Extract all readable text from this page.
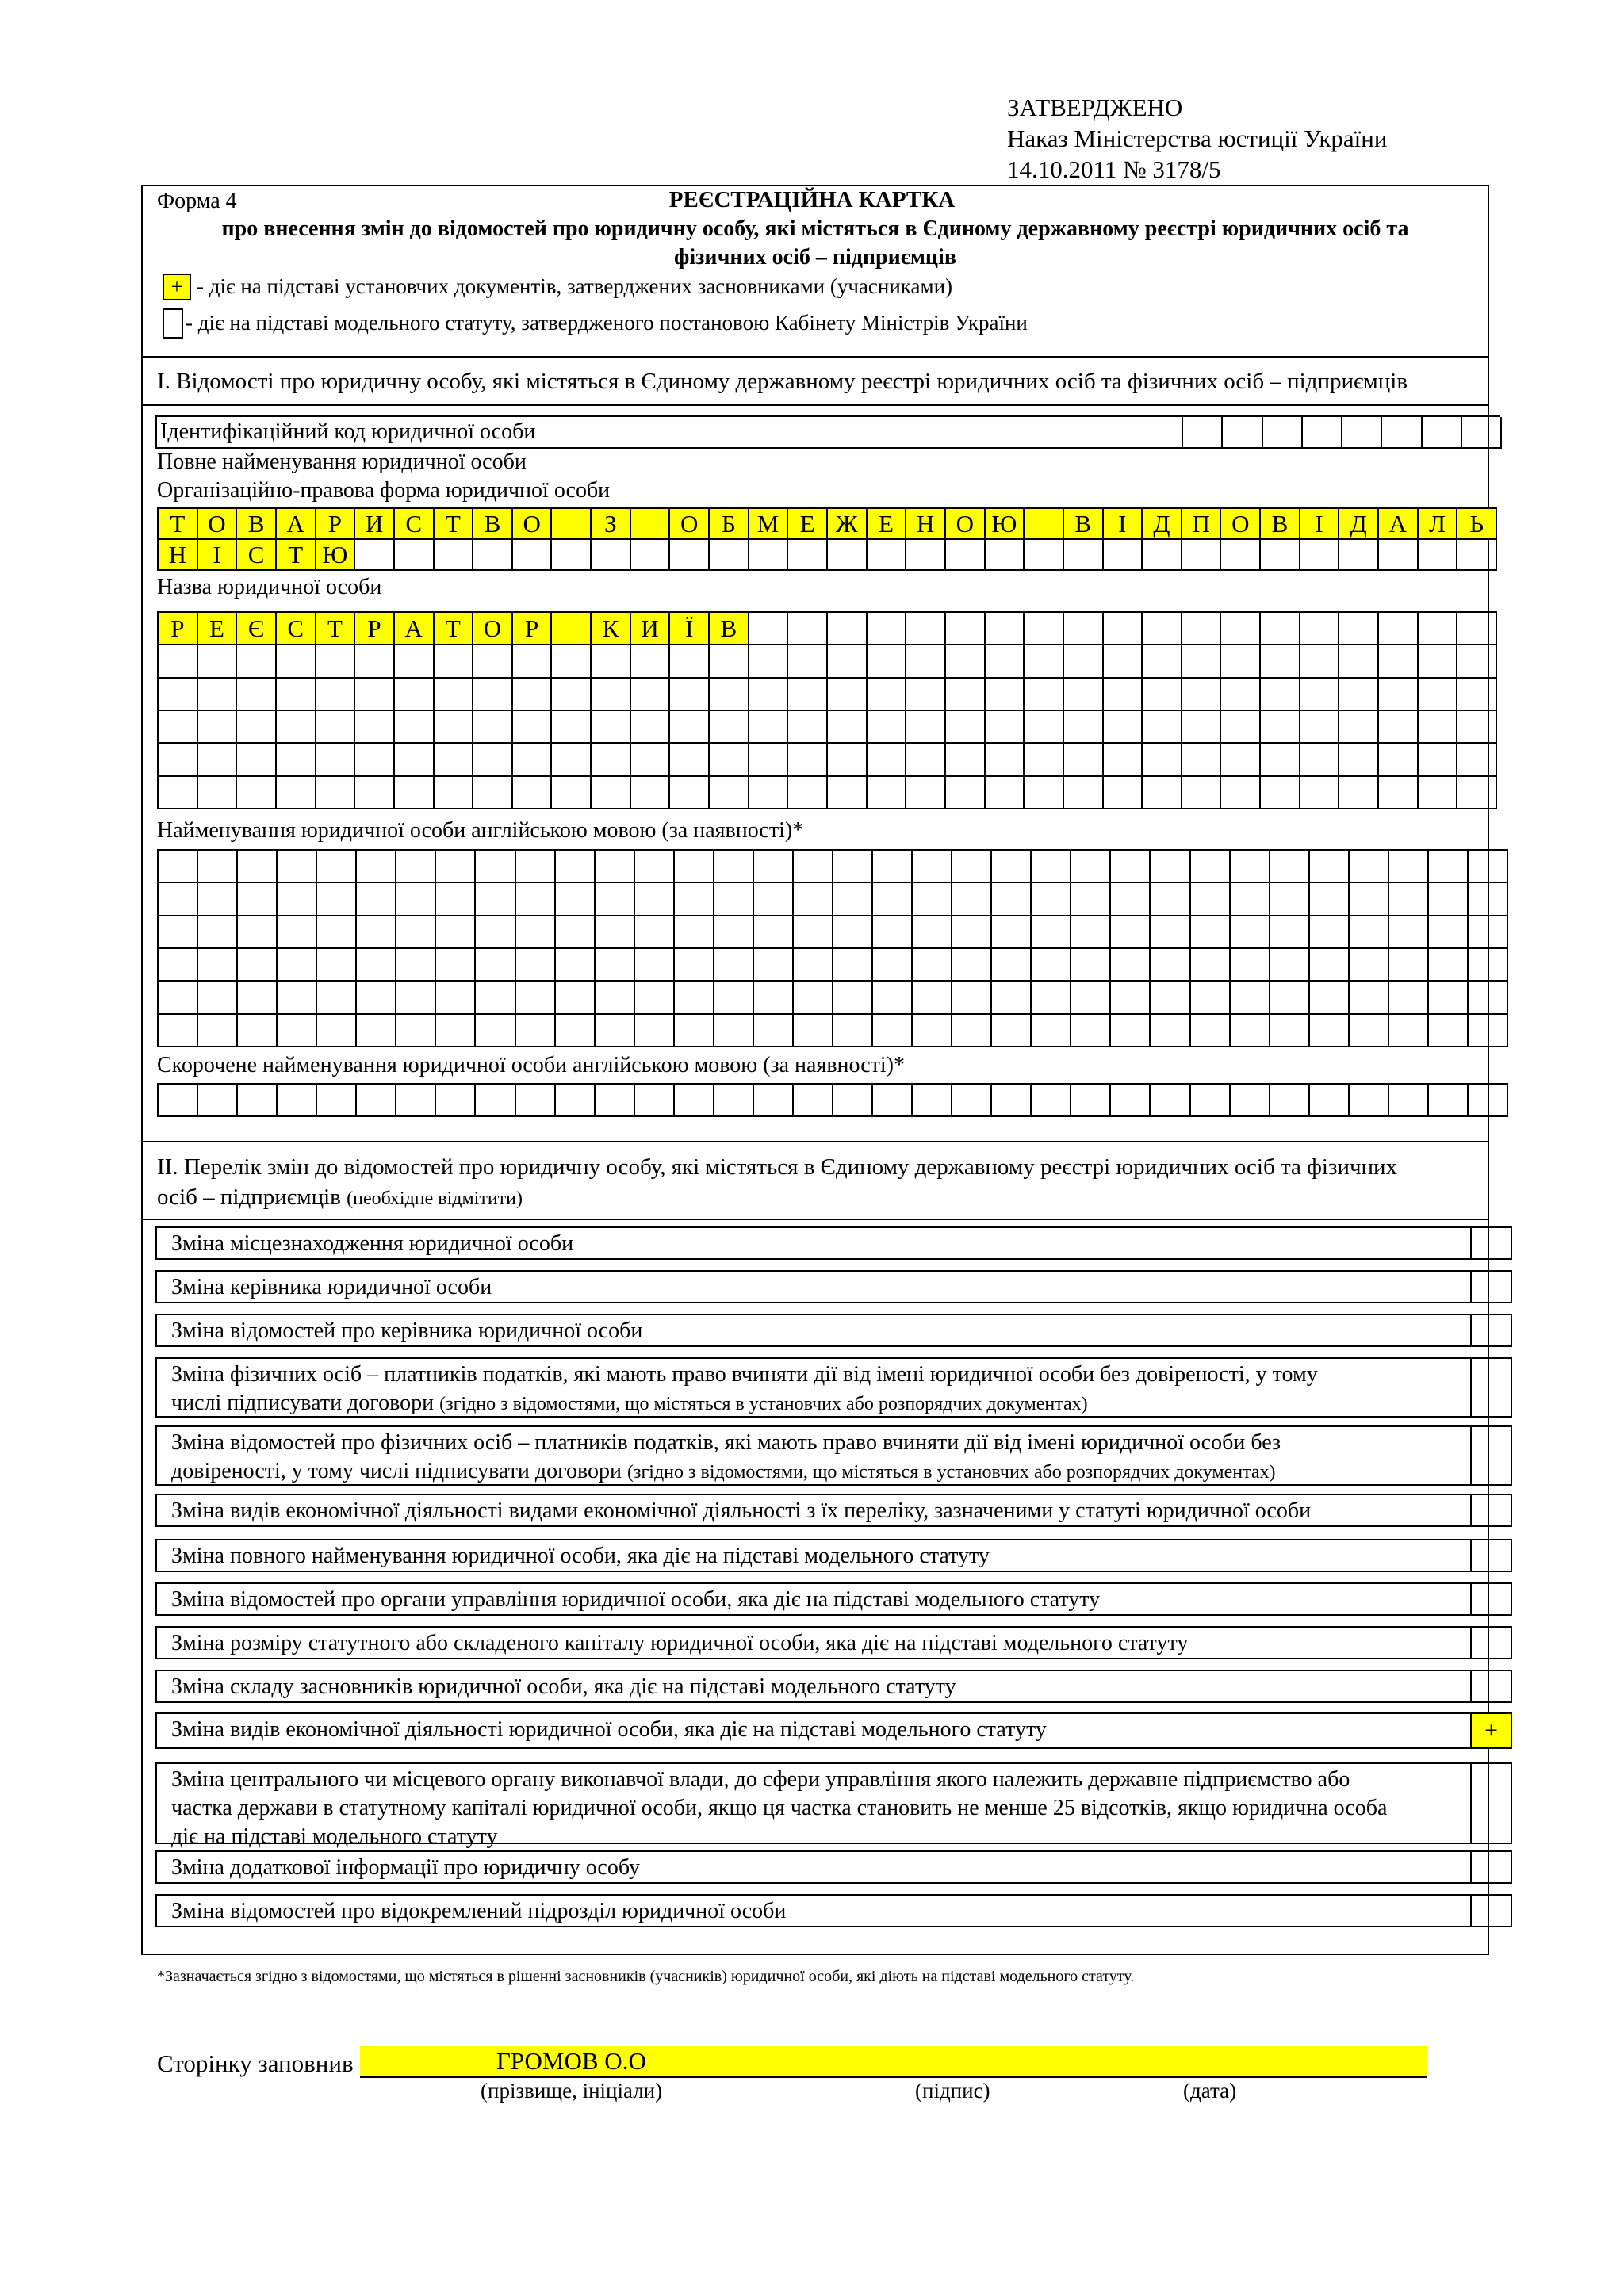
ЗАТВЕРДЖЕНО
Наказ Міністерства юстиції України
14.10.2011 № 3178/5
Форма 4	РЕЄСТРАЦІЙНА КАРТКА
про внесення змін до відомостей про юридичну особу, які містяться в Єдиному державному реєстрі юридичних осіб та
фізичних осіб – підприємців
+ - діє на підставі установчих документів, затверджених засновниками (учасниками)
- діє на підставі модельного статуту, затвердженого постановою Кабінету Міністрів України
І. Відомості про юридичну особу, які містяться в Єдиному державному реєстрі юридичних осіб та фізичних осіб – підприємців
Ідентифікаційний код юридичної особи
Повне найменування юридичної особи
Організаційно-правова форма юридичної особи
Т О В А Р И С Т В О	З	О Б М Е Ж Е Н О Ю	В	І	Д П О В	І	Д А Л Ь
Н	І	С Т Ю
Назва юридичної особи
Р	Е Є С Т	Р А Т О Р	К И	Ї	В
Найменування юридичної особи англійською мовою (за наявності)*
Скорочене найменування юридичної особи англійською мовою (за наявності)*
ІІ. Перелік змін до відомостей про юридичну особу, які містяться в Єдиному державному реєстрі юридичних осіб та фізичних
осіб – підприємців (необхідне відмітити)
Зміна місцезнаходження юридичної особи
Зміна керівника юридичної особи
Зміна відомостей про керівника юридичної особи
Зміна фізичних осіб – платників податків, які мають право вчиняти дії від імені юридичної особи без довіреності, у тому
числі підписувати договори (згідно з відомостями, що містяться в установчих або розпорядчих документах)
Зміна відомостей про фізичних осіб – платників податків, які мають право вчиняти дії від імені юридичної особи без
довіреності, у тому числі підписувати договори (згідно з відомостями, що містяться в установчих або розпорядчих документах)
Зміна видів економічної діяльності видами економічної діяльності з їх переліку, зазначеними у статуті юридичної особи
Зміна повного найменування юридичної особи, яка діє на підставі модельного статуту
Зміна відомостей про органи управління юридичної особи, яка діє на підставі модельного статуту
Зміна розміру статутного або складеного капіталу юридичної особи, яка діє на підставі модельного статуту
Зміна складу засновників юридичної особи, яка діє на підставі модельного статуту
Зміна видів економічної діяльності юридичної особи, яка діє на підставі модельного статуту	+
Зміна центрального чи місцевого органу виконавчої влади, до сфери управління якого належить державне підприємство або
частка держави в статутному капіталі юридичної особи, якщо ця частка становить не менше 25 відсотків, якщо юридична особа
діє на підставі модельного статуту
Зміна додаткової інформації про юридичну особу
Зміна відомостей про відокремлений підрозділ юридичної особи
*Зазначається згідно з відомостями, що містяться в рішенні засновників (учасників) юридичної особи, які діють на підставі модельного статуту.
Сторінку заповнив	ГРОМОВ О.О
(прізвище, ініціали)	(підпис)	(дата)
